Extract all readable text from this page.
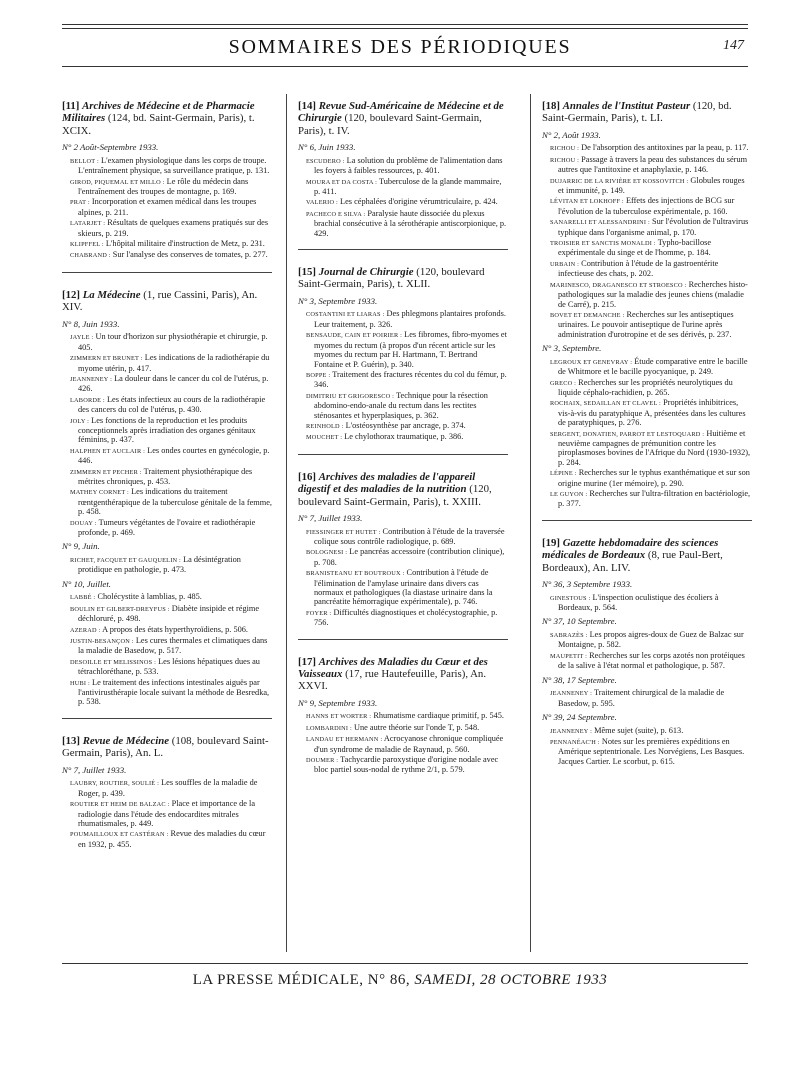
SOMMAIRES DES PÉRIODIQUES	147

[11] Archives de Médecine et de Pharmacie Militaires (124, bd. Saint-Germain, Paris), t. XCIX.

N° 2 Août-Septembre 1933.

BELLOT : L'examen physiologique dans les corps de troupe. L'entraînement physique, sa surveillance pratique, p. 131.

GIROD, PIQUEMAL ET MILLO : Le rôle du médecin dans l'entraînement des troupes de montagne, p. 169.

PRAT : Incorporation et examen médical dans les troupes alpines, p. 211.

LATARJET : Résultats de quelques examens pratiqués sur des skieurs, p. 219.

KLIPFFEL : L'hôpital militaire d'instruction de Metz, p. 231.

CHABRAND : Sur l'analyse des conserves de tomates, p. 277.

[12] La Médecine (1, rue Cassini, Paris), An. XIV.

N° 8, Juin 1933.

JAYLE : Un tour d'horizon sur physiothérapie et chirurgie, p. 405.

ZIMMERN ET BRUNET : Les indications de la radiothérapie du myome utérin, p. 417.

JEANNENEY : La douleur dans le cancer du col de l'utérus, p. 426.

LABORDE : Les états infectieux au cours de la radiothérapie des cancers du col de l'utérus, p. 430.

JOLY : Les fonctions de la reproduction et les produits conceptionnels après irradiation des organes génitaux féminins, p. 437.

HALPHEN ET AUCLAIR : Les ondes courtes en gynécologie, p. 446.

ZIMMERN ET PECHER : Traitement physiothérapique des métrites chroniques, p. 453.

MATHEY CORNET : Les indications du traitement rœntgenthérapique de la tuberculose génitale de la femme, p. 458.

DOUAY : Tumeurs végétantes de l'ovaire et radiothérapie profonde, p. 469.

N° 9, Juin.

RICHET, FACQUET ET GAUQUELIN : La désintégration protidique en pathologie, p. 473.

N° 10, Juillet.

LABBÉ : Cholécystite à lamblias, p. 485.

BOULIN ET GILBERT-DREYFUS : Diabète insipide et régime déchloruré, p. 498.

AZERAD : A propos des états hyperthyroïdiens, p. 506.

JUSTIN-BESANÇON : Les cures thermales et climatiques dans la maladie de Basedow, p. 517.

DESOILLE ET MELISSINOS : Les lésions hépatiques dues au tétrachloréthane, p. 533.

HUBI : Le traitement des infections intestinales aiguës par l'antivirusthérapie locale suivant la méthode de Besredka, p. 538.

[13] Revue de Médecine (108, boulevard Saint-Germain, Paris), An. L.

N° 7, Juillet 1933.

LAUBRY, ROUTIER, SOULIÉ : Les souffles de la maladie de Roger, p. 439.

ROUTIER ET HEIM DE BALZAC : Place et importance de la radiologie dans l'étude des endocardites mitrales rhumatismales, p. 449.

POUMAILLOUX ET CASTÉRAN : Revue des maladies du cœur en 1932, p. 455.

[14] Revue Sud-Américaine de Médecine et de Chirurgie (120, boulevard Saint-Germain, Paris), t. IV.

N° 6, Juin 1933.

ESCUDERO : La solution du problème de l'alimentation dans les foyers à faibles ressources, p. 401.

MOURA ET DA COSTA : Tuberculose de la glande mammaire, p. 411.

VALERIO : Les céphalées d'origine vérumtriculaire, p. 424.

PACHECO E SILVA : Paralysie haute dissociée du plexus brachial consécutive à la sérothérapie antiscorpionique, p. 429.

[15] Journal de Chirurgie (120, boulevard Saint-Germain, Paris), t. XLII.

N° 3, Septembre 1933.

COSTANTINI ET LIARAS : Des phlegmons plantaires profonds. Leur traitement, p. 326.

BENSAUDE, CAIN ET POIRIER : Les fibromes, fibro-myomes et myomes du rectum (à propos d'un récent article sur les myomes du rectum par H. Hartmann, T. Bertrand Fontaine et P. Guérin), p. 340.

BOPPE : Traitement des fractures récentes du col du fémur, p. 346.

DIMITRIU ET GRIGORESCO : Technique pour la résection abdomino-endo-anale du rectum dans les rectites sténosantes et hyperplasiques, p. 362.

REINHOLD : L'ostéosynthèse par ancrage, p. 374.

MOUCHET : Le chylothorax traumatique, p. 386.

[16] Archives des maladies de l'appareil digestif et des maladies de la nutrition (120, boulevard Saint-Germain, Paris), t. XXIII.

N° 7, Juillet 1933.

FIESSINGER ET HUTET : Contribution à l'étude de la traversée colique sous contrôle radiologique, p. 689.

BOLOGNESI : Le pancréas accessoire (contribution clinique), p. 708.

BRANISTEANU ET BOUTROUX : Contribution à l'étude de l'élimination de l'amylase urinaire dans divers cas normaux et pathologiques (la diastase urinaire dans la pancréatite hémorragique expérimentale), p. 746.

FOYER : Difficultés diagnostiques et cholécystographie, p. 756.

[17] Archives des Maladies du Cœur et des Vaisseaux (17, rue Hautefeuille, Paris), An. XXVI.

N° 9, Septembre 1933.

HANNS ET WORTER : Rhumatisme cardiaque primitif, p. 545.

LOMBARDINI : Une autre théorie sur l'onde T, p. 548.

LANDAU ET HERMANN : Acrocyanose chronique compliquée d'un syndrome de maladie de Raynaud, p. 560.

DOUMER : Tachycardie paroxystique d'origine nodale avec bloc partiel sous-nodal de rythme 2/1, p. 579.

[18] Annales de l'Institut Pasteur (120, bd. Saint-Germain, Paris), t. LI.

N° 2, Août 1933.

RICHOU : De l'absorption des antitoxines par la peau, p. 117.

RICHOU : Passage à travers la peau des substances du sérum autres que l'antitoxine et anaphylaxie, p. 146.

DUJARRIC DE LA RIVIÈRE ET KOSSOVITCH : Globules rouges et immunité, p. 149.

LÉVITAN ET LOKHOFF : Effets des injections de BCG sur l'évolution de la tuberculose expérimentale, p. 160.

SANARELLI ET ALESSANDRINI : Sur l'évolution de l'ultravirus typhique dans l'organisme animal, p. 170.

TROISIER ET SANCTIS MONALDI : Typho-bacillose expérimentale du singe et de l'homme, p. 184.

URBAIN : Contribution à l'étude de la gastroentérite infectieuse des chats, p. 202.

MARINESCO, DRAGANESCO ET STROESCO : Recherches histo-pathologiques sur la maladie des jeunes chiens (maladie de Carré), p. 215.

BOVET ET DEMANCHE : Recherches sur les antiseptiques urinaires. Le pouvoir antiseptique de l'urine après administration d'urotropine et de ses dérivés, p. 237.

N° 3, Septembre.

LEGROUX ET GENEVRAY : Étude comparative entre le bacille de Whitmore et le bacille pyocyanique, p. 249.

GRECO : Recherches sur les propriétés neurolytiques du liquide céphalo-rachidien, p. 265.

ROCHAIX, SEDAILLAN ET CLAVEL : Propriétés inhibitrices, vis-à-vis du paratyphique A, présentées dans les cultures de paratyphiques, p. 276.

SERGENT, DONATIEN, PARROT ET LESTOQUARD : Huitième et neuvième campagnes de prémunition contre les piroplasmoses bovines de l'Afrique du Nord (1930-1932), p. 284.

LÉPINE : Recherches sur le typhus exanthématique et sur son origine murine (1er mémoire), p. 290.

LE GUYON : Recherches sur l'ultra-filtration en bactériologie, p. 377.

[19] Gazette hebdomadaire des sciences médicales de Bordeaux (8, rue Paul-Bert, Bordeaux), An. LIV.

N° 36, 3 Septembre 1933.

GINESTOUS : L'inspection oculistique des écoliers à Bordeaux, p. 564.

N° 37, 10 Septembre.

SABRAZÈS : Les propos aigres-doux de Guez de Balzac sur Montaigne, p. 582.

MAUPETIT : Recherches sur les corps azotés non protéiques de la salive à l'état normal et pathologique, p. 587.

N° 38, 17 Septembre.

JEANNENEY : Traitement chirurgical de la maladie de Basedow, p. 595.

N° 39, 24 Septembre.

JEANNENEY : Même sujet (suite), p. 613.

PENNANÉAC'H : Notes sur les premières expéditions en Amérique septentrionale. Les Norvégiens, Les Basques. Jacques Cartier. Le scorbut, p. 615.

LA PRESSE MÉDICALE, N° 86, SAMEDI, 28 OCTOBRE 1933
